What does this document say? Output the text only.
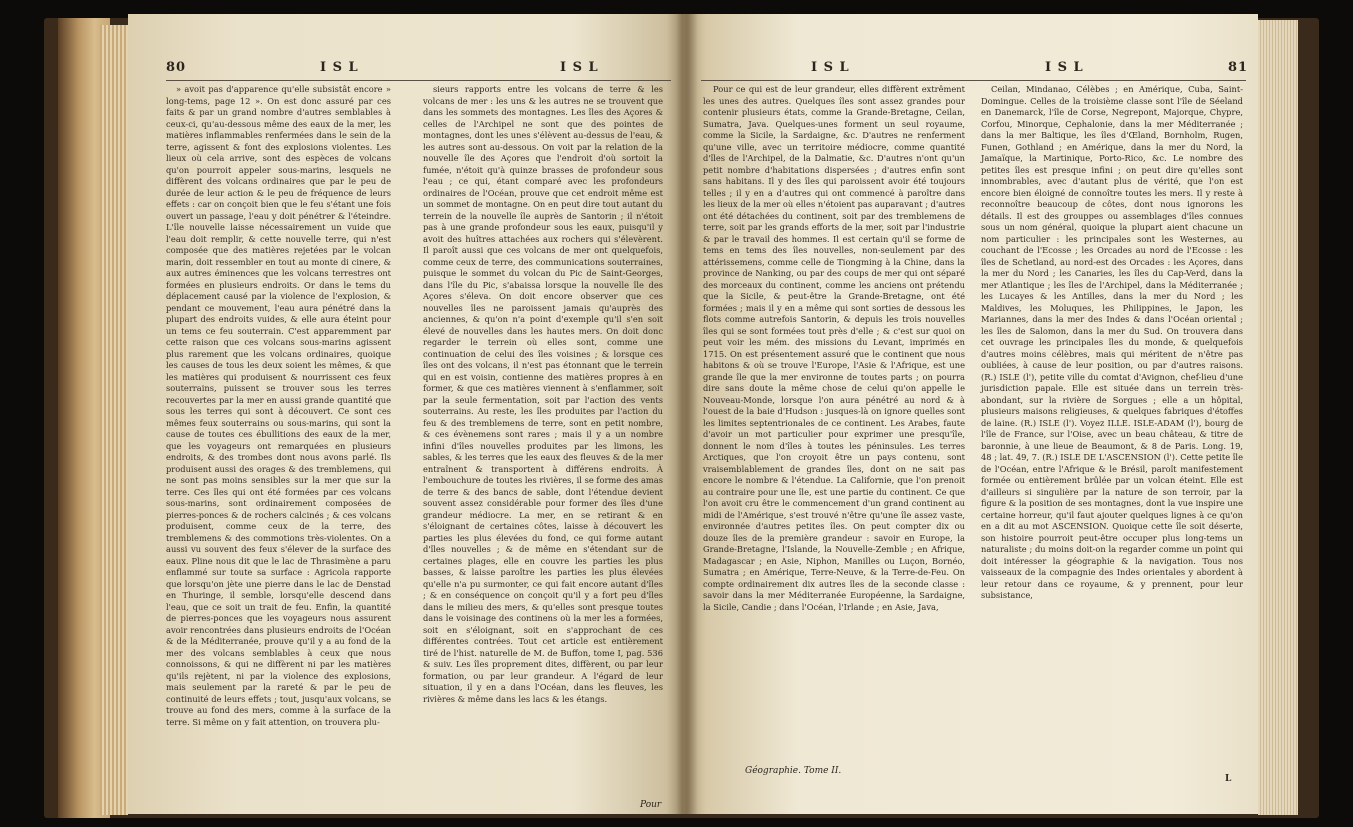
80	I S L	I S L

» avoit pas d'apparence qu'elle subsistât encore » long-tems, page 12 ». On est donc assuré par ces faits & par un grand nombre d'autres semblables à ceux-ci, qu'au-dessous même des eaux de la mer, les matières inflammables renfermées dans le sein de la terre, agissent & font des explosions violentes. Les lieux où cela arrive, sont des espèces de volcans qu'on pourroit appeler sous-marins, lesquels ne diffèrent des volcans ordinaires que par le peu de durée de leur action & le peu de fréquence de leurs effets : car on conçoit bien que le feu s'étant une fois ouvert un passage, l'eau y doit pénétrer & l'éteindre. L'île nouvelle laisse nécessairement un vuide que l'eau doit remplir, & cette nouvelle terre, qui n'est composée que des matières rejetées par le volcan marin, doit ressembler en tout au monte di cinere, & aux autres éminences que les volcans terrestres ont formées en plusieurs endroits. Or dans le tems du déplacement causé par la violence de l'explosion, & pendant ce mouvement, l'eau aura pénétré dans la plupart des endroits vuides, & elle aura éteint pour un tems ce feu souterrain. C'est apparemment par cette raison que ces volcans sous-marins agissent plus rarement que les volcans ordinaires, quoique les causes de tous les deux soient les mêmes, & que les matières qui produisent & nourrissent ces feux souterrains, puissent se trouver sous les terres recouvertes par la mer en aussi grande quantité que sous les terres qui sont à découvert. Ce sont ces mêmes feux souterrains ou sous-marins, qui sont la cause de toutes ces ébullitions des eaux de la mer, que les voyageurs ont remarquées en plusieurs endroits, & des trombes dont nous avons parlé. Ils produisent aussi des orages & des tremblemens, qui ne sont pas moins sensibles sur la mer que sur la terre. Ces îles qui ont été formées par ces volcans sous-marins, sont ordinairement composées de pierres-ponces & de rochers calcinés ; & ces volcans produisent, comme ceux de la terre, des tremblemens & des commotions très-violentes. On a aussi vu souvent des feux s'élever de la surface des eaux. Pline nous dit que le lac de Thrasimène a paru enflammé sur toute sa surface : Agricola rapporte que lorsqu'on jète une pierre dans le lac de Denstad en Thuringe, il semble, lorsqu'elle descend dans l'eau, que ce soit un trait de feu. Enfin, la quantité de pierres-ponces que les voyageurs nous assurent avoir rencontrées dans plusieurs endroits de l'Océan & de la Méditerranée, prouve qu'il y a au fond de la mer des volcans semblables à ceux que nous connoissons, & qui ne diffèrent ni par les matières qu'ils rejètent, ni par la violence des explosions, mais seulement par la rareté & par le peu de continuité de leurs effets ; tout, jusqu'aux volcans, se trouve au fond des mers, comme à la surface de la terre. Si même on y fait attention, on trouvera plu-

sieurs rapports entre les volcans de terre & les volcans de mer : les uns & les autres ne se trouvent que dans les sommets des montagnes. Les îles des Açores & celles de l'Archipel ne sont que des pointes de montagnes, dont les unes s'élèvent au-dessus de l'eau, & les autres sont au-dessous. On voit par la relation de la nouvelle île des Açores que l'endroit d'où sortoit la fumée, n'étoit qu'à quinze brasses de profondeur sous l'eau ; ce qui, étant comparé avec les profondeurs ordinaires de l'Océan, prouve que cet endroit même est un sommet de montagne. On en peut dire tout autant du terrein de la nouvelle île auprès de Santorin ; il n'étoit pas à une grande profondeur sous les eaux, puisqu'il y avoit des huîtres attachées aux rochers qui s'élevèrent. Il paroît aussi que ces volcans de mer ont quelquefois, comme ceux de terre, des communications souterraines, puisque le sommet du volcan du Pic de Saint-Georges, dans l'île du Pic, s'abaissa lorsque la nouvelle île des Açores s'éleva. On doit encore observer que ces nouvelles îles ne paroissent jamais qu'auprès des anciennes, & qu'on n'a point d'exemple qu'il s'en soit élevé de nouvelles dans les hautes mers. On doit donc regarder le terrein où elles sont, comme une continuation de celui des îles voisines ; & lorsque ces îles ont des volcans, il n'est pas étonnant que le terrein qui en est voisin, contienne des matières propres à en former, & que ces matières viennent à s'enflammer, soit par la seule fermentation, soit par l'action des vents souterrains. Au reste, les îles produites par l'action du feu & des tremblemens de terre, sont en petit nombre, & ces évènemens sont rares ; mais il y a un nombre infini d'îles nouvelles produites par les limons, les sables, & les terres que les eaux des fleuves & de la mer entraînent & transportent à différens endroits. À l'embouchure de toutes les rivières, il se forme des amas de terre & des bancs de sable, dont l'étendue devient souvent assez considérable pour former des îles d'une grandeur médiocre. La mer, en se retirant & en s'éloignant de certaines côtes, laisse à découvert les parties les plus élevées du fond, ce qui forme autant d'îles nouvelles ; & de même en s'étendant sur de certaines plages, elle en couvre les parties les plus basses, & laisse paroître les parties les plus élevées qu'elle n'a pu surmonter, ce qui fait encore autant d'îles ; & en conséquence on conçoit qu'il y a fort peu d'îles dans le milieu des mers, & qu'elles sont presque toutes dans le voisinage des continens où la mer les a formées, soit en s'éloignant, soit en s'approchant de ces différentes contrées. Tout cet article est entièrement tiré de l'hist. naturelle de M. de Buffon, tome I, pag. 536 & suiv. Les îles proprement dites, diffèrent, ou par leur formation, ou par leur grandeur. A l'égard de leur situation, il y en a dans l'Océan, dans les fleuves, les rivières & même dans les lacs & les étangs.

Pour
I S L	I S L	81

Pour ce qui est de leur grandeur, elles diffèrent extrêment les unes des autres. Quelques îles sont assez grandes pour contenir plusieurs états, comme la Grande-Bretagne, Ceilan, Sumatra, Java. Quelques-unes forment un seul royaume, comme la Sicile, la Sardaigne, &c. D'autres ne renferment qu'une ville, avec un territoire médiocre, comme quantité d'îles de l'Archipel, de la Dalmatie, &c. D'autres n'ont qu'un petit nombre d'habitations dispersées ; d'autres enfin sont sans habitans. Il y des îles qui paroissent avoir été toujours telles ; il y en a d'autres qui ont commencé à paroître dans les lieux de la mer où elles n'étoient pas auparavant ; d'autres ont été détachées du continent, soit par des tremblemens de terre, soit par les grands efforts de la mer, soit par l'industrie & par le travail des hommes. Il est certain qu'il se forme de tems en tems des îles nouvelles, non-seulement par des attérissemens, comme celle de Tiongming à la Chine, dans la province de Nanking, ou par des coups de mer qui ont séparé des morceaux du continent, comme les anciens ont prétendu que la Sicile, & peut-être la Grande-Bretagne, ont été formées ; mais il y en a même qui sont sorties de dessous les flots comme autrefois Santorin, & depuis les trois nouvelles îles qui se sont formées tout près d'elle ; & c'est sur quoi on peut voir les mém. des missions du Levant, imprimés en 1715. On est présentement assuré que le continent que nous habitons & où se trouve l'Europe, l'Asie & l'Afrique, est une grande île que la mer environne de toutes parts ; on pourra dire sans doute la même chose de celui qu'on appelle le Nouveau-Monde, lorsque l'on aura pénétré au nord & à l'ouest de la baie d'Hudson : jusques-là on ignore quelles sont les limites septentrionales de ce continent. Les Arabes, faute d'avoir un mot particulier pour exprimer une presqu'île, donnent le nom d'îles à toutes les péninsules. Les terres Arctiques, que l'on croyoit être un pays contenu, sont vraisemblablement de grandes îles, dont on ne sait pas encore le nombre & l'étendue. La Californie, que l'on prenoit au contraire pour une île, est une partie du continent. Ce que l'on avoit cru être le commencement d'un grand continent au midi de l'Amérique, s'est trouvé n'être qu'une île assez vaste, environnée d'autres petites îles. On peut compter dix ou douze îles de la première grandeur : savoir en Europe, la Grande-Bretagne, l'Islande, la Nouvelle-Zemble ; en Afrique, Madagascar ; en Asie, Niphon, Manilles ou Luçon, Bornéo, Sumatra ; en Amérique, Terre-Neuve, & la Terre-de-Feu. On compte ordinairement dix autres îles de la seconde classe : savoir dans la mer Méditerranée Européenne, la Sardaigne, la Sicile, Candie ; dans l'Océan, l'Irlande ; en Asie, Java,

Ceilan, Mindanao, Célèbes ; en Amérique, Cuba, Saint-Domingue. Celles de la troisième classe sont l'île de Séeland en Danemarck, l'île de Corse, Negrepont, Majorque, Chypre, Corfou, Minorque, Cephalonie, dans la mer Méditerranée ; dans la mer Baltique, les îles d'Œland, Bornholm, Rugen, Funen, Gothland ; en Amérique, dans la mer du Nord, la Jamaïque, la Martinique, Porto-Rico, &c. Le nombre des petites îles est presque infini ; on peut dire qu'elles sont innombrables, avec d'autant plus de vérité, que l'on est encore bien éloigné de connoître toutes les mers. Il y reste à reconnoître beaucoup de côtes, dont nous ignorons les détails. Il est des grouppes ou assemblages d'îles connues sous un nom général, quoique la plupart aient chacune un nom particulier : les principales sont les Westernes, au couchant de l'Ecosse ; les Orcades au nord de l'Ecosse : les îles de Schetland, au nord-est des Orcades : les Açores, dans la mer du Nord ; les Canaries, les îles du Cap-Verd, dans la mer Atlantique ; les îles de l'Archipel, dans la Méditerranée ; les Lucayes & les Antilles, dans la mer du Nord ; les Maldives, les Moluques, les Philippines, le Japon, les Mariannes, dans la mer des Indes & dans l'Océan oriental ; les îles de Salomon, dans la mer du Sud. On trouvera dans cet ouvrage les principales îles du monde, & quelquefois d'autres moins célèbres, mais qui méritent de n'être pas oubliées, à cause de leur position, ou par d'autres raisons. (R.) ISLE (l'), petite ville du comtat d'Avignon, chef-lieu d'une jurisdiction papale. Elle est située dans un terrein très-abondant, sur la rivière de Sorgues ; elle a un hôpital, plusieurs maisons religieuses, & quelques fabriques d'étoffes de laine. (R.) ISLE (l'). Voyez ILLE. ISLE-ADAM (l'), bourg de l'île de France, sur l'Oise, avec un beau château, & titre de baronnie, à une lieue de Beaumont, & 8 de Paris. Long. 19, 48 ; lat. 49, 7. (R.) ISLE DE L'ASCENSION (l'). Cette petite île de l'Océan, entre l'Afrique & le Brésil, paroît manifestement formée ou entièrement brûlée par un volcan éteint. Elle est d'ailleurs si singulière par la nature de son terroir, par la figure & la position de ses montagnes, dont la vue inspire une certaine horreur, qu'il faut ajouter quelques lignes à ce qu'on en a dit au mot ASCENSION. Quoique cette île soit déserte, son histoire pourroit peut-être occuper plus long-tems un naturaliste ; du moins doit-on la regarder comme un point qui doit intéresser la géographie & la navigation. Tous nos vaisseaux de la compagnie des Indes orientales y abordent à leur retour dans ce royaume, & y prennent, pour leur subsistance,

Géographie. Tome II.
L
